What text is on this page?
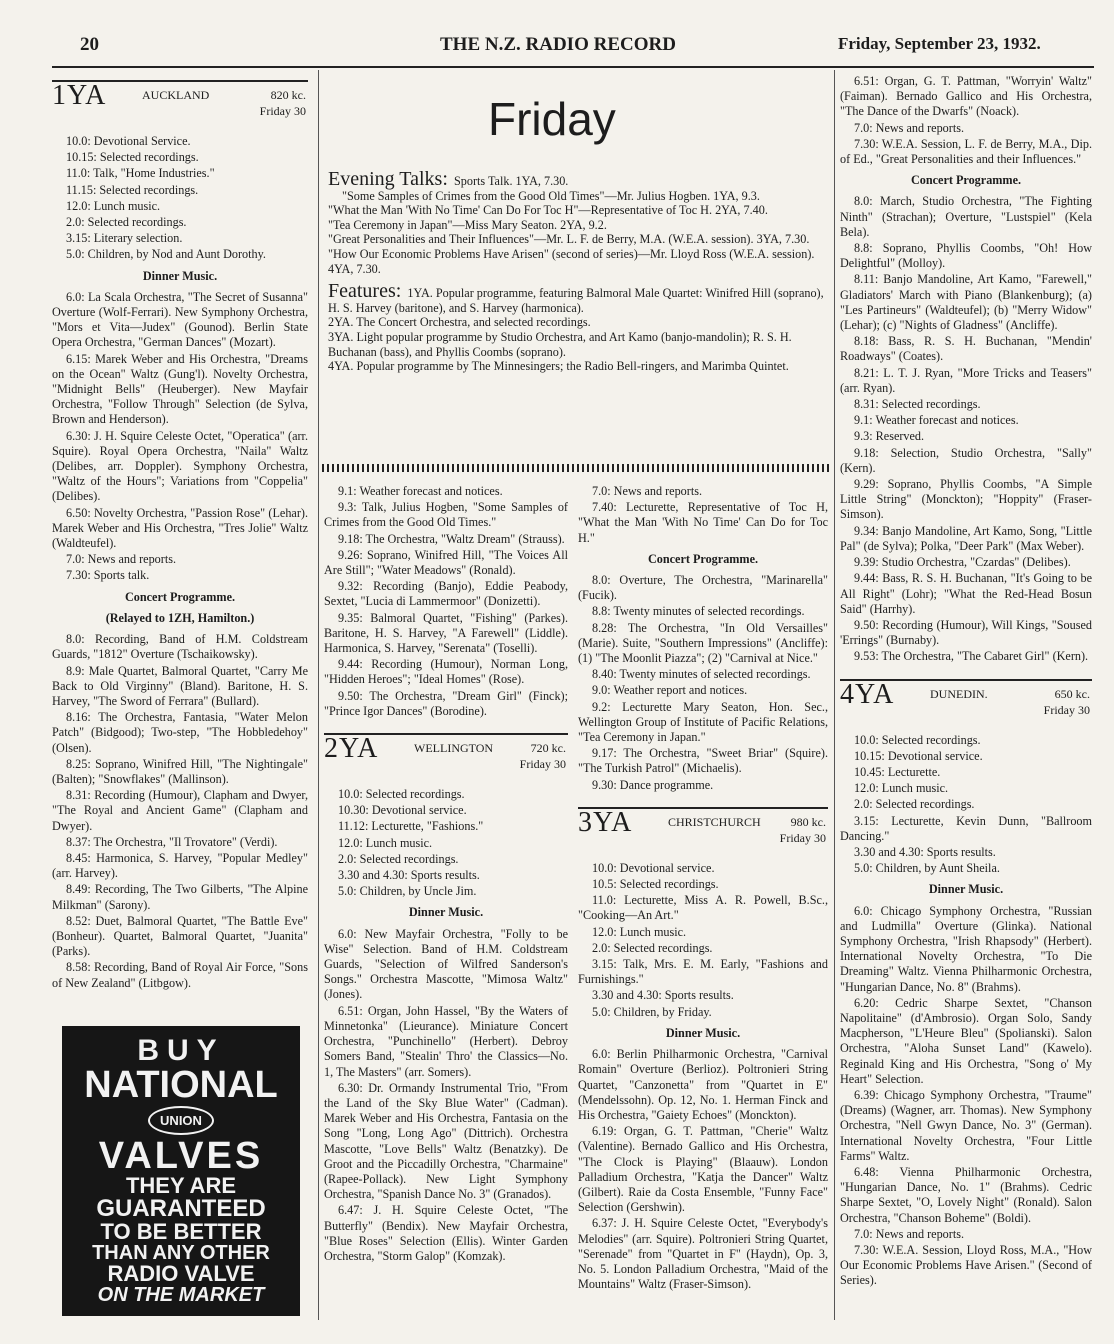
20	THE N.Z. RADIO RECORD	Friday, September 23, 1932.
Friday
Evening Talks: Sports Talk. 1YA, 7.30.
"Some Samples of Crimes from the Good Old Times"—Mr. Julius Hogben. 1YA, 9.3.
"What the Man 'With No Time' Can Do For Toc H"—Representative of Toc H. 2YA, 7.40.
"Tea Ceremony in Japan"—Miss Mary Seaton. 2YA, 9.2.
"Great Personalities and Their Influences"—Mr. L. F. de Berry, M.A. (W.E.A. session). 3YA, 7.30.
"How Our Economic Problems Have Arisen" (second of series)—Mr. Lloyd Ross (W.E.A. session). 4YA, 7.30.
Features: 1YA. Popular programme, featuring Balmoral Male Quartet: Winifred Hill (soprano), H. S. Harvey (baritone), and S. Harvey (harmonica).
2YA. The Concert Orchestra, and selected recordings.
3YA. Light popular programme by Studio Orchestra, and Art Kamo (banjo-mandolin); R. S. H. Buchanan (bass), and Phyllis Coombs (soprano).
4YA. Popular programme by The Minnesingers; the Radio Bell-ringers, and Marimba Quintet.
1YA	AUCKLAND	820 kc.
Friday 30

10.0: Devotional Service.

10.15: Selected recordings.

11.0: Talk, "Home Industries."

11.15: Selected recordings.

12.0: Lunch music.

2.0: Selected recordings.

3.15: Literary selection.

5.0: Children, by Nod and Aunt Dorothy.

Dinner Music.

6.0: La Scala Orchestra, "The Secret of Susanna" Overture (Wolf-Ferrari). New Symphony Orchestra, "Mors et Vita—Judex" (Gounod). Berlin State Opera Orchestra, "German Dances" (Mozart).

6.15: Marek Weber and His Orchestra, "Dreams on the Ocean" Waltz (Gung'l). Novelty Orchestra, "Midnight Bells" (Heuberger). New Mayfair Orchestra, "Follow Through" Selection (de Sylva, Brown and Henderson).

6.30: J. H. Squire Celeste Octet, "Operatica" (arr. Squire). Royal Opera Orchestra, "Naila" Waltz (Delibes, arr. Doppler). Symphony Orchestra, "Waltz of the Hours"; Variations from "Coppelia" (Delibes).

6.50: Novelty Orchestra, "Passion Rose" (Lehar). Marek Weber and His Orchestra, "Tres Jolie" Waltz (Waldteufel).

7.0: News and reports.

7.30: Sports talk.

Concert Programme.

(Relayed to 1ZH, Hamilton.)

8.0: Recording, Band of H.M. Coldstream Guards, "1812" Overture (Tschaikowsky).

8.9: Male Quartet, Balmoral Quartet, "Carry Me Back to Old Virginny" (Bland). Baritone, H. S. Harvey, "The Sword of Ferrara" (Bullard).

8.16: The Orchestra, Fantasia, "Water Melon Patch" (Bidgood); Two-step, "The Hobbledehoy" (Olsen).

8.25: Soprano, Winifred Hill, "The Nightingale" (Balten); "Snowflakes" (Mallinson).

8.31: Recording (Humour), Clapham and Dwyer, "The Royal and Ancient Game" (Clapham and Dwyer).

8.37: The Orchestra, "Il Trovatore" (Verdi).

8.45: Harmonica, S. Harvey, "Popular Medley" (arr. Harvey).

8.49: Recording, The Two Gilberts, "The Alpine Milkman" (Sarony).

8.52: Duet, Balmoral Quartet, "The Battle Eve" (Bonheur). Quartet, Balmoral Quartet, "Juanita" (Parks).

8.58: Recording, Band of Royal Air Force, "Sons of New Zealand" (Litbgow).

BUY
NATIONAL
UNION
VALVES
THEY ARE
GUARANTEED
TO BE BETTER
THAN ANY OTHER
RADIO VALVE
ON THE MARKET

9.1: Weather forecast and notices.

9.3: Talk, Julius Hogben, "Some Samples of Crimes from the Good Old Times."

9.18: The Orchestra, "Waltz Dream" (Strauss).

9.26: Soprano, Winifred Hill, "The Voices All Are Still"; "Water Meadows" (Ronald).

9.32: Recording (Banjo), Eddie Peabody, Sextet, "Lucia di Lammermoor" (Donizetti).

9.35: Balmoral Quartet, "Fishing" (Parkes). Baritone, H. S. Harvey, "A Farewell" (Liddle). Harmonica, S. Harvey, "Serenata" (Toselli).

9.44: Recording (Humour), Norman Long, "Hidden Heroes"; "Ideal Homes" (Rose).

9.50: The Orchestra, "Dream Girl" (Finck); "Prince Igor Dances" (Borodine).

2YA	WELLINGTON	720 kc.
Friday 30

10.0: Selected recordings.

10.30: Devotional service.

11.12: Lecturette, "Fashions."

12.0: Lunch music.

2.0: Selected recordings.

3.30 and 4.30: Sports results.

5.0: Children, by Uncle Jim.

Dinner Music.

6.0: New Mayfair Orchestra, "Folly to be Wise" Selection. Band of H.M. Coldstream Guards, "Selection of Wilfred Sanderson's Songs." Orchestra Mascotte, "Mimosa Waltz" (Jones).

6.51: Organ, John Hassel, "By the Waters of Minnetonka" (Lieurance). Miniature Concert Orchestra, "Punchinello" (Herbert). Debroy Somers Band, "Stealin' Thro' the Classics—No. 1, The Masters" (arr. Somers).

6.30: Dr. Ormandy Instrumental Trio, "From the Land of the Sky Blue Water" (Cadman). Marek Weber and His Orchestra, Fantasia on the Song "Long, Long Ago" (Dittrich). Orchestra Mascotte, "Love Bells" Waltz (Benatzky). De Groot and the Piccadilly Orchestra, "Charmaine" (Rapee-Pollack). New Light Symphony Orchestra, "Spanish Dance No. 3" (Granados).

6.47: J. H. Squire Celeste Octet, "The Butterfly" (Bendix). New Mayfair Orchestra, "Blue Roses" Selection (Ellis). Winter Garden Orchestra, "Storm Galop" (Komzak).

7.0: News and reports.

7.40: Lecturette, Representative of Toc H, "What the Man 'With No Time' Can Do for Toc H."

Concert Programme.

8.0: Overture, The Orchestra, "Marinarella" (Fucik).

8.8: Twenty minutes of selected recordings.

8.28: The Orchestra, "In Old Versailles" (Marie). Suite, "Southern Impressions" (Ancliffe): (1) "The Moonlit Piazza"; (2) "Carnival at Nice."

8.40: Twenty minutes of selected recordings.

9.0: Weather report and notices.

9.2: Lecturette Mary Seaton, Hon. Sec., Wellington Group of Institute of Pacific Relations, "Tea Ceremony in Japan."

9.17: The Orchestra, "Sweet Briar" (Squire). "The Turkish Patrol" (Michaelis).

9.30: Dance programme.

3YA	CHRISTCHURCH 980 kc.
Friday 30

10.0: Devotional service.

10.5: Selected recordings.

11.0: Lecturette, Miss A. R. Powell, B.Sc., "Cooking—An Art."

12.0: Lunch music.

2.0: Selected recordings.

3.15: Talk, Mrs. E. M. Early, "Fashions and Furnishings."

3.30 and 4.30: Sports results.

5.0: Children, by Friday.

Dinner Music.

6.0: Berlin Philharmonic Orchestra, "Carnival Romain" Overture (Berlioz). Poltronieri String Quartet, "Canzonetta" from "Quartet in E" (Mendelssohn). Op. 12, No. 1. Herman Finck and His Orchestra, "Gaiety Echoes" (Monckton).

6.19: Organ, G. T. Pattman, "Cherie" Waltz (Valentine). Bernado Gallico and His Orchestra, "The Clock is Playing" (Blaauw). London Palladium Orchestra, "Katja the Dancer" Waltz (Gilbert). Raie da Costa Ensemble, "Funny Face" Selection (Gershwin).

6.37: J. H. Squire Celeste Octet, "Everybody's Melodies" (arr. Squire). Poltronieri String Quartet, "Serenade" from "Quartet in F" (Haydn), Op. 3, No. 5. London Palladium Orchestra, "Maid of the Mountains" Waltz (Fraser-Simson).

6.51: Organ, G. T. Pattman, "Worryin' Waltz" (Faiman). Bernado Gallico and His Orchestra, "The Dance of the Dwarfs" (Noack).

7.0: News and reports.

7.30: W.E.A. Session, L. F. de Berry, M.A., Dip. of Ed., "Great Personalities and their Influences."

Concert Programme.

8.0: March, Studio Orchestra, "The Fighting Ninth" (Strachan); Overture, "Lustspiel" (Kela Bela).

8.8: Soprano, Phyllis Coombs, "Oh! How Delightful" (Molloy).

8.11: Banjo Mandoline, Art Kamo, "Farewell," Gladiators' March with Piano (Blankenburg); (a) "Les Partineurs" (Waldteufel); (b) "Merry Widow" (Lehar); (c) "Nights of Gladness" (Ancliffe).

8.18: Bass, R. S. H. Buchanan, "Mendin' Roadways" (Coates).

8.21: L. T. J. Ryan, "More Tricks and Teasers" (arr. Ryan).

8.31: Selected recordings.

9.1: Weather forecast and notices.

9.3: Reserved.

9.18: Selection, Studio Orchestra, "Sally" (Kern).

9.29: Soprano, Phyllis Coombs, "A Simple Little String" (Monckton); "Hoppity" (Fraser-Simson).

9.34: Banjo Mandoline, Art Kamo, Song, "Little Pal" (de Sylva); Polka, "Deer Park" (Max Weber).

9.39: Studio Orchestra, "Czardas" (Delibes).

9.44: Bass, R. S. H. Buchanan, "It's Going to be All Right" (Lohr); "What the Red-Head Bosun Said" (Harrhy).

9.50: Recording (Humour), Will Kings, "Soused 'Errings" (Burnaby).

9.53: The Orchestra, "The Cabaret Girl" (Kern).

4YA	DUNEDIN.	650 kc.
Friday 30

10.0: Selected recordings.

10.15: Devotional service.

10.45: Lecturette.

12.0: Lunch music.

2.0: Selected recordings.

3.15: Lecturette, Kevin Dunn, "Ballroom Dancing."

3.30 and 4.30: Sports results.

5.0: Children, by Aunt Sheila.

Dinner Music.

6.0: Chicago Symphony Orchestra, "Russian and Ludmilla" Overture (Glinka). National Symphony Orchestra, "Irish Rhapsody" (Herbert). International Novelty Orchestra, "To Die Dreaming" Waltz. Vienna Philharmonic Orchestra, "Hungarian Dance, No. 8" (Brahms).

6.20: Cedric Sharpe Sextet, "Chanson Napolitaine" (d'Ambrosio). Organ Solo, Sandy Macpherson, "L'Heure Bleu" (Spolianski). Salon Orchestra, "Aloha Sunset Land" (Kawelo). Reginald King and His Orchestra, "Song o' My Heart" Selection.

6.39: Chicago Symphony Orchestra, "Traume" (Dreams) (Wagner, arr. Thomas). New Symphony Orchestra, "Nell Gwyn Dance, No. 3" (German). International Novelty Orchestra, "Four Little Farms" Waltz.

6.48: Vienna Philharmonic Orchestra, "Hungarian Dance, No. 1" (Brahms). Cedric Sharpe Sextet, "O, Lovely Night" (Ronald). Salon Orchestra, "Chanson Boheme" (Boldi).

7.0: News and reports.

7.30: W.E.A. Session, Lloyd Ross, M.A., "How Our Economic Problems Have Arisen." (Second of Series).
